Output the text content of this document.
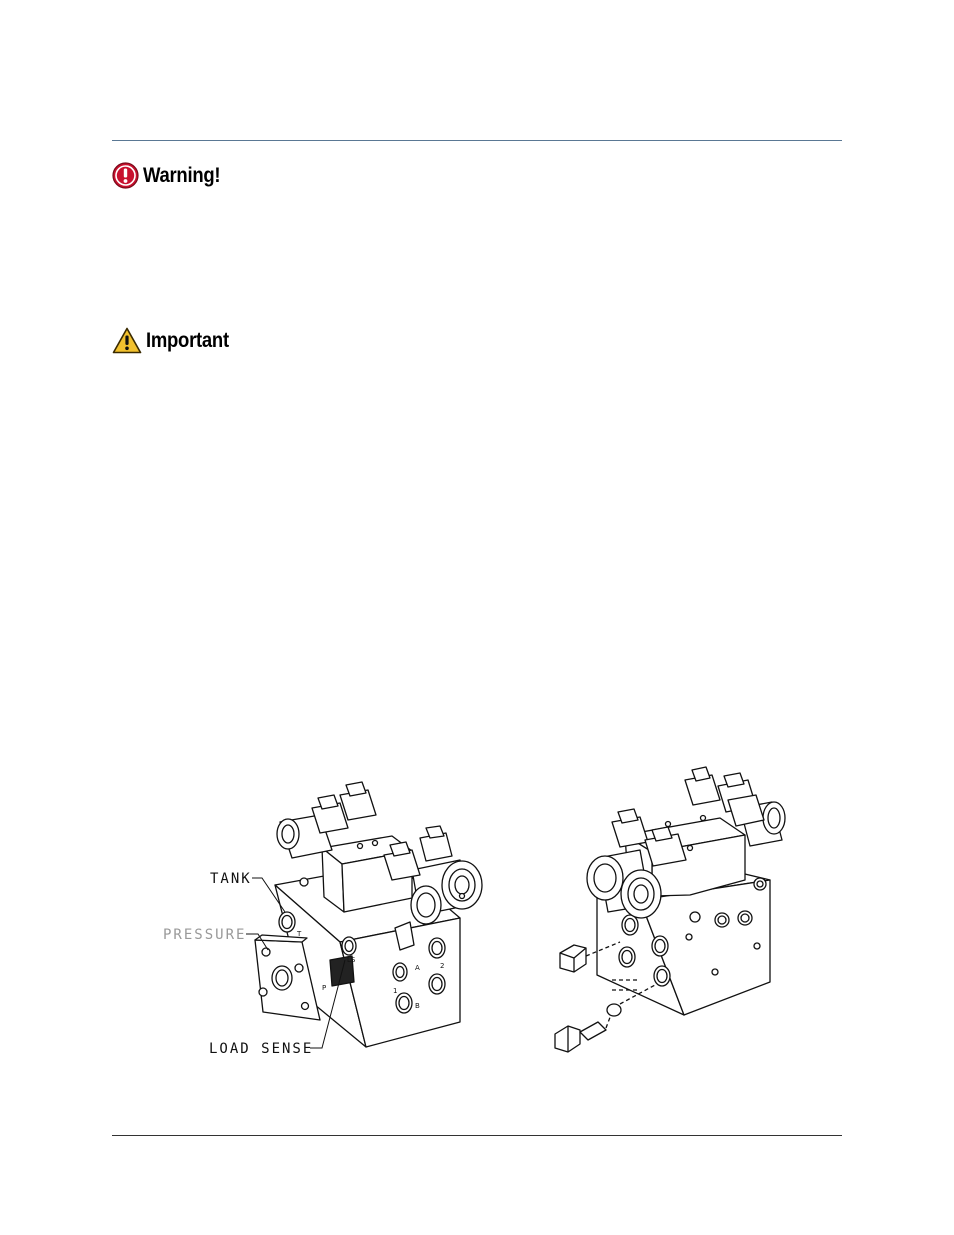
Warning!
Important
TANK
PRESSURE
LOAD SENSE
T
LS
A
B
1
2
P
